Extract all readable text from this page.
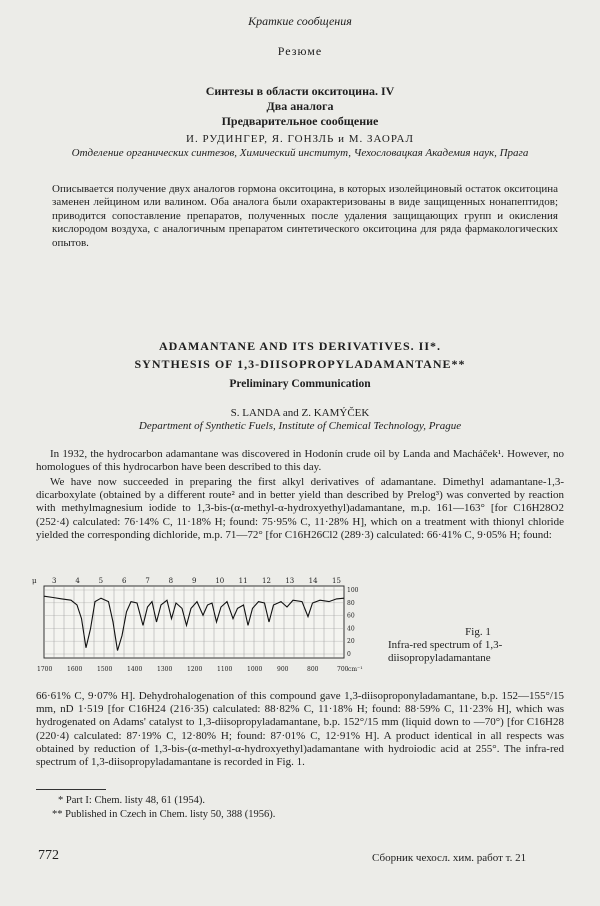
Краткие сообщения
Резюме
Синтезы в области окситоцина. IV
Два аналога
Предварительное сообщение
И. РУДИНГЕР, Я. ГОНЗЛЬ и М. ЗАОРАЛ
Отделение органических синтезов, Химический институт, Чехословацкая Академия наук, Прага
Описывается получение двух аналогов гормона окситоцина, в которых изолейциновый остаток окситоцина заменен лейцином или валином. Оба аналога были охарактеризованы в виде защищенных нонапептидов; приводится сопоставление препаратов, полученных после удаления защищающих групп и окисления кислородом воздуха, с аналогичным препаратом синтетического окситоцина для ряда фармакологических опытов.
ADAMANTANE AND ITS DERIVATIVES. II*.
SYNTHESIS OF 1,3-DIISOPROPYLADAMANTANE**
Preliminary Communication
S. LANDA and Z. KAMÝČEK
Department of Synthetic Fuels, Institute of Chemical Technology, Prague
In 1932, the hydrocarbon adamantane was discovered in Hodonín crude oil by Landa and Macháček¹. However, no homologues of this hydrocarbon have been described to this day.
We have now succeeded in preparing the first alkyl derivatives of adamantane. Dimethyl adamantane-1,3-dicarboxylate (obtained by a different route² and in better yield than described by Prelog³) was converted by reaction with methylmagnesium iodide to 1,3-bis-(α-methyl-α-hydroxyethyl)adamantane, m.p. 161—163° [for C16H28O2 (252·4) calculated: 76·14% C, 11·18% H; found: 75·95% C, 11·28% H], which on a treatment with thionyl chloride yielded the corresponding dichloride, m.p. 71—72° [for C16H26Cl2 (289·3) calculated: 66·41% C, 9·05% H; found:
μ 3	4	5	6	7	8	9	10 11 12 13 14 15
100
80
60
40
20
0
1700 1600 1500 1400 1300 1200 1100 1000 900	800	700 cm⁻¹
Fig. 1
Infra-red spectrum of 1,3-diisopropyladamantane
66·61% C, 9·07% H]. Dehydrohalogenation of this compound gave 1,3-diisoproponyladamantane, b.p. 152—155°/15 mm, nD 1·519 [for C16H24 (216·35) calculated: 88·82% C, 11·18% H; found: 88·59% C, 11·23% H], which was hydrogenated on Adams' catalyst to 1,3-diisopropyladamantane, b.p. 152°/15 mm (liquid down to —70°) [for C16H28 (220·4) calculated: 87·19% C, 12·80% H; found: 87·01% C, 12·91% H]. A product identical in all respects was obtained by reduction of 1,3-bis-(α-methyl-α-hydroxyethyl)adamantane with hydroiodic acid at 255°. The infra-red spectrum of 1,3-diisopropyladamantane is recorded in Fig. 1.
* Part I: Chem. listy 48, 61 (1954).
** Published in Czech in Chem. listy 50, 388 (1956).
772	Сборник чехосл. хим. работ т. 21
